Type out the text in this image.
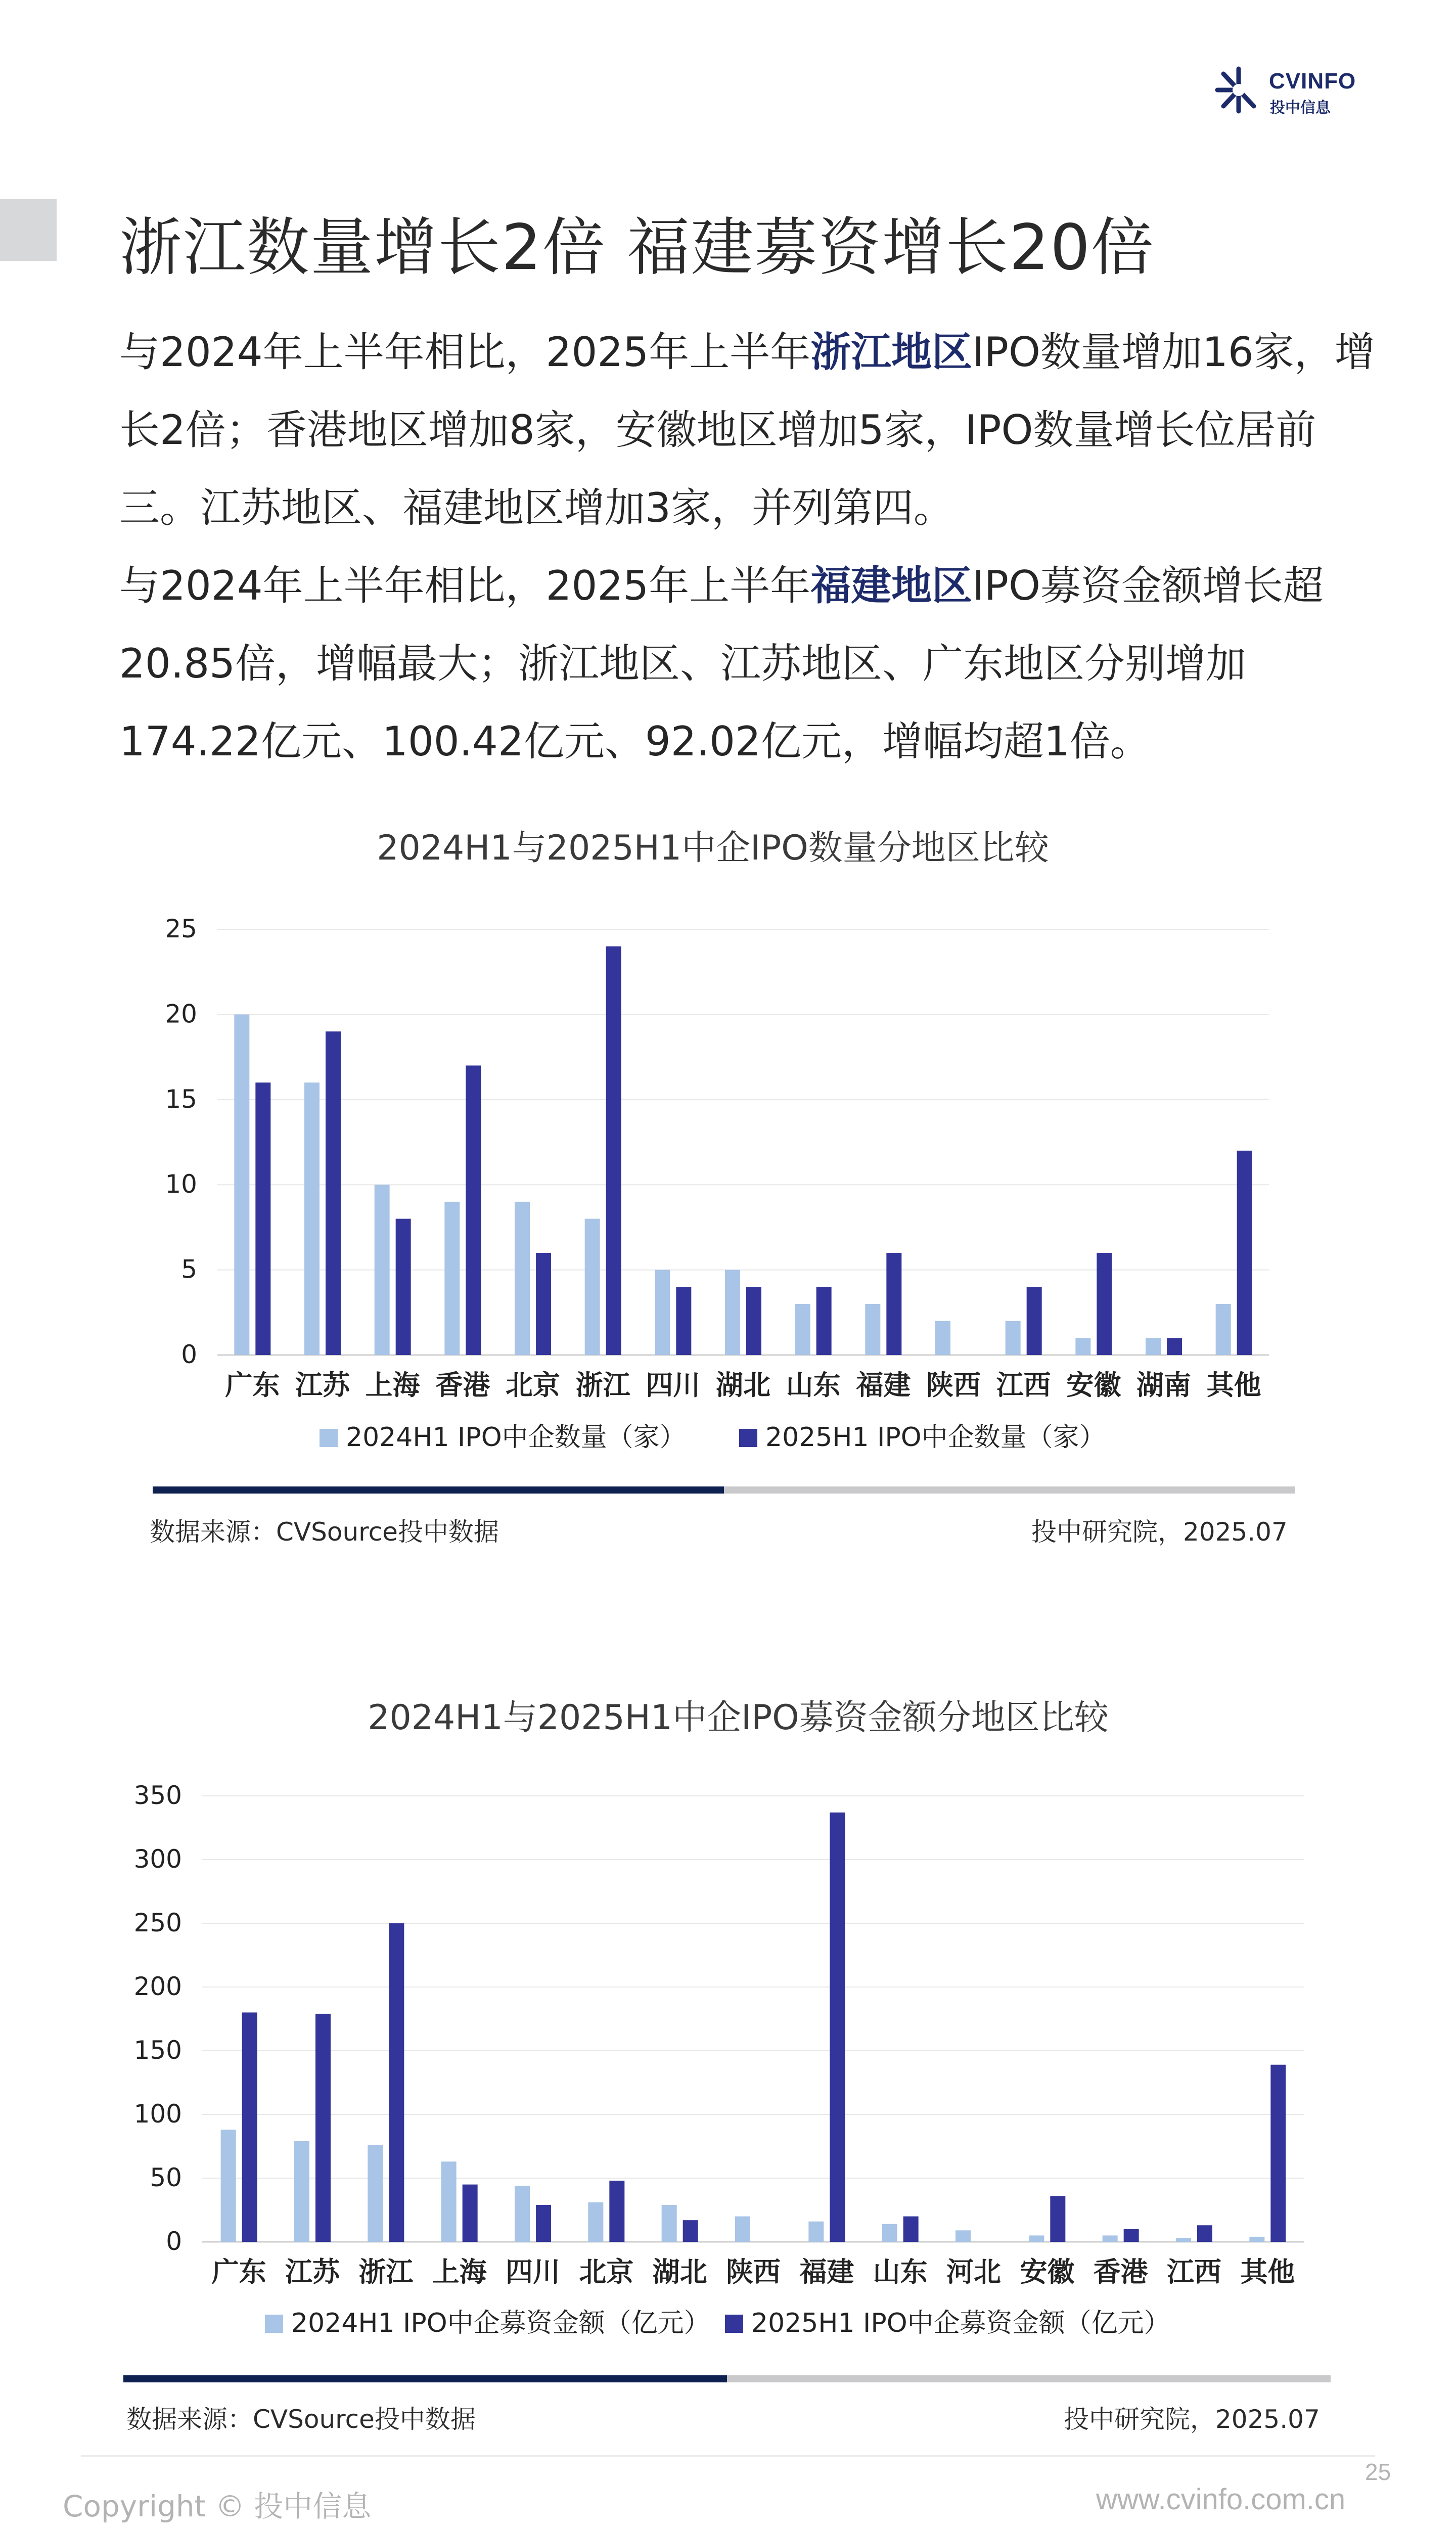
CVINFO
投中信息
浙江数量增长2倍 福建募资增长20倍
与2024年上半年相比，2025年上半年浙江地区IPO数量增加16家，增长2倍；香港地区增加8家，安徽地区增加5家，IPO数量增长位居前三。江苏地区、福建地区增加3家，并列第四。
与2024年上半年相比，2025年上半年福建地区IPO募资金额增长超20.85倍，增幅最大；浙江地区、江苏地区、广东地区分别增加174.22亿元、100.42亿元、92.02亿元，增幅均超1倍。
2024H1与2025H1中企IPO数量分地区比较
0
5
10
15
20
25
广东 江苏 上海 香港 北京 浙江 四川 湖北 山东 福建 陕西 江西 安徽 湖南 其他
2024H1 IPO中企数量（家）	2025H1 IPO中企数量（家）
数据来源：CVSource投中数据	投中研究院，2025.07
2024H1与2025H1中企IPO募资金额分地区比较
0
50
100
150
200
250
300
350
广东 江苏 浙江 上海 四川 北京 湖北 陕西 福建 山东 河北 安徽 香港 江西 其他
2024H1 IPO中企募资金额（亿元） 2025H1 IPO中企募资金额（亿元）
数据来源：CVSource投中数据	投中研究院，2025.07
25
Copyright © 投中信息	www.cvinfo.com.cn
